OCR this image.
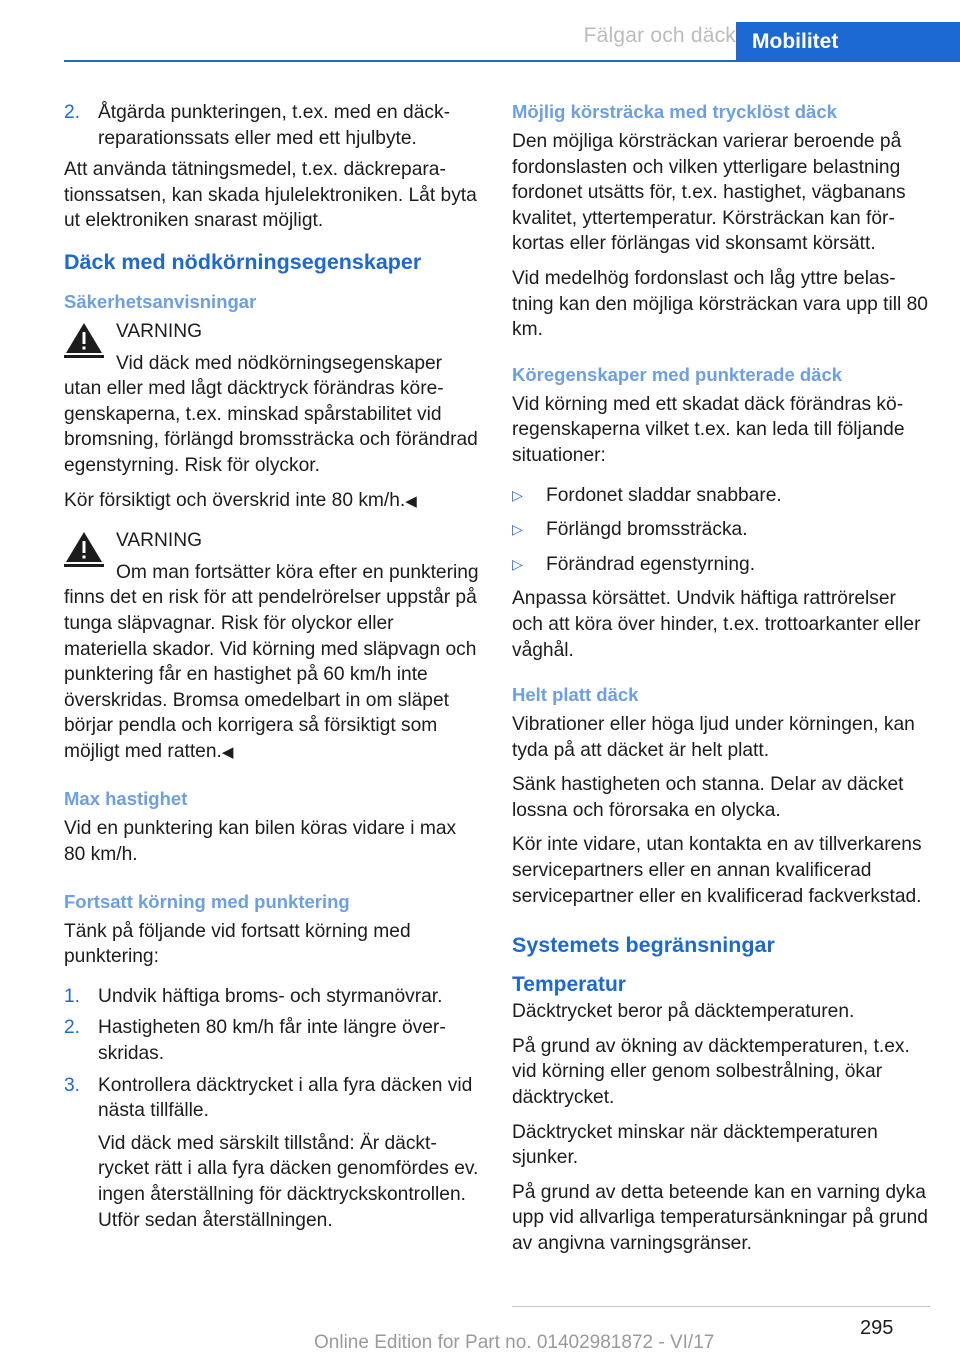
Fälgar och däck Mobilitet
2. Åtgärda punkteringen, t.ex. med en däckreparationssats eller med ett hjulbyte.

Att använda tätningsmedel, t.ex. däckreparationssatsen, kan skada hjulelektroniken. Låt byta ut elektroniken snarast möjligt.

Däck med nödkörningsegenskaper
Säkerhetsanvisningar
VARNING

Vid däck med nödkörningsegenskaper utan eller med lågt däcktryck förändras köregenskaperna, t.ex. minskad spårstabilitet vid bromsning, förlängd bromssträcka och förändrad egenstyrning. Risk för olyckor.

Kör försiktigt och överskrid inte 80 km/h.◀

VARNING

Om man fortsätter köra efter en punktering finns det en risk för att pendelrörelser uppstår på tunga släpvagnar. Risk för olyckor eller materiella skador. Vid körning med släpvagn och punktering får en hastighet på 60 km/h inte överskridas. Bromsa omedelbart in om släpet börjar pendla och korrigera så försiktigt som möjligt med ratten.◀

Max hastighet

Vid en punktering kan bilen köras vidare i max 80 km/h.

Fortsatt körning med punktering

Tänk på följande vid fortsatt körning med punktering:

1. Undvik häftiga broms- och styrmanövrar.
2. Hastigheten 80 km/h får inte längre överskridas.
3. Kontrollera däcktrycket i alla fyra däcken vid nästa tillfälle.

Vid däck med särskilt tillstånd: Är däcktrycket rätt i alla fyra däcken genomfördes ev. ingen återställning för däcktryckskontrollen. Utför sedan återställningen.

Möjlig körsträcka med trycklöst däck

Den möjliga körsträckan varierar beroende på fordonslasten och vilken ytterligare belastning fordonet utsätts för, t.ex. hastighet, vägbanans kvalitet, yttertemperatur. Körsträckan kan förkortas eller förlängas vid skonsamt körsätt.

Vid medelhög fordonslast och låg yttre belastning kan den möjliga körsträckan vara upp till 80 km.

Köregenskaper med punkterade däck

Vid körning med ett skadat däck förändras köregenskaperna vilket t.ex. kan leda till följande situationer:

▷	Fordonet sladdar snabbare.
▷	Förlängd bromssträcka.
▷	Förändrad egenstyrning.

Anpassa körsättet. Undvik häftiga rattrörelser och att köra över hinder, t.ex. trottoarkanter eller våghål.

Helt platt däck

Vibrationer eller höga ljud under körningen, kan tyda på att däcket är helt platt.

Sänk hastigheten och stanna. Delar av däcket lossna och förorsaka en olycka.

Kör inte vidare, utan kontakta en av tillverkarens servicepartners eller en annan kvalificerad servicepartner eller en kvalificerad fackverkstad.

Systemets begränsningar
Temperatur

Däcktrycket beror på däcktemperaturen.

På grund av ökning av däcktemperaturen, t.ex. vid körning eller genom solbestrålning, ökar däcktrycket.

Däcktrycket minskar när däcktemperaturen sjunker.

På grund av detta beteende kan en varning dyka upp vid allvarliga temperatursänkningar på grund av angivna varningsgränser.

295
Online Edition for Part no. 01402981872 - VI/17
